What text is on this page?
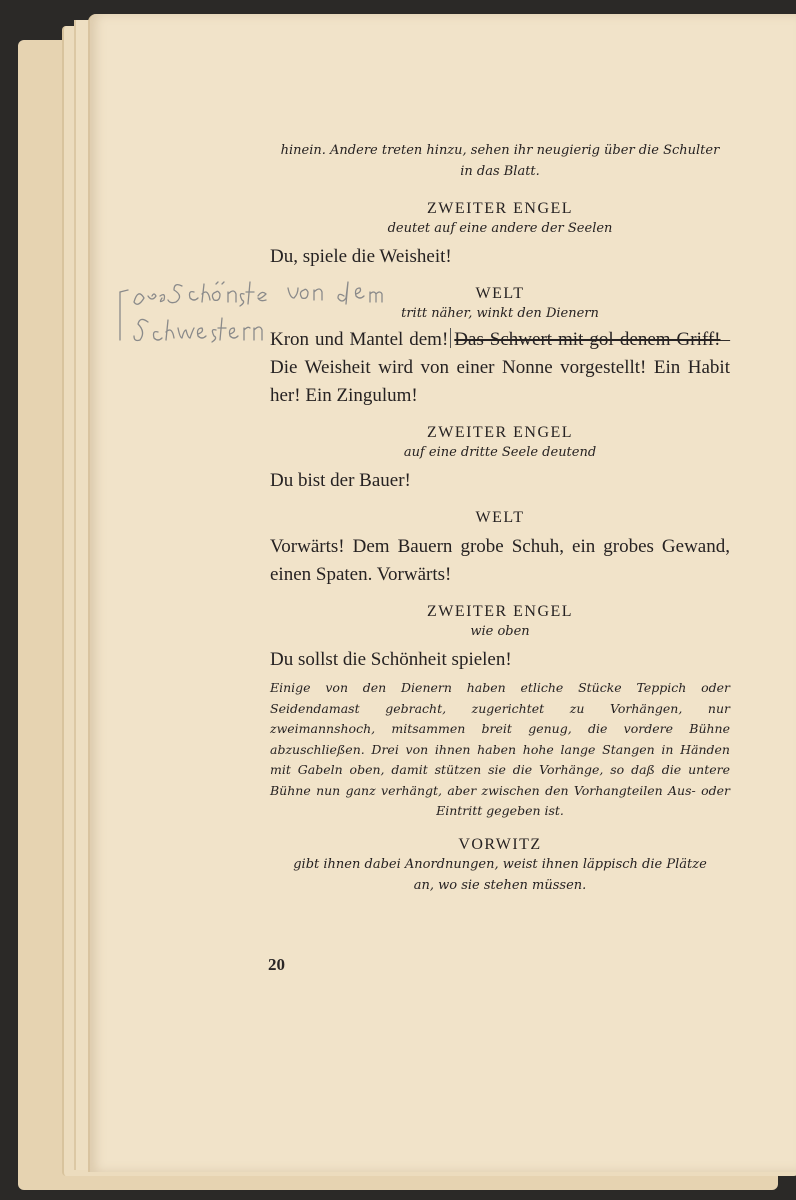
hinein. Andere treten hinzu, sehen ihr neugierig über die Schulter

in das Blatt.

ZWEITER ENGEL

deutet auf eine andere der Seelen

Du, spiele die Weisheit!

WELT

tritt näher, winkt den Dienern

Kron und Mantel dem! Das Schwert mit gol-denem Griff!– Die Weisheit wird von einer Nonne vorgestellt! Ein Habit her! Ein Zingulum!

ZWEITER ENGEL

auf eine dritte Seele deutend

Du bist der Bauer!

WELT

Vorwärts! Dem Bauern grobe Schuh, ein grobes Gewand, einen Spaten. Vorwärts!

ZWEITER ENGEL

wie oben

Du sollst die Schönheit spielen!

Einige von den Dienern haben etliche Stücke Teppich oder Seidendamast gebracht, zugerichtet zu Vorhängen, nur zweimannshoch, mitsammen breit genug, die vordere Bühne abzuschließen. Drei von ihnen haben hohe lange Stangen in Händen mit Gabeln oben, damit stützen sie die Vorhänge, so daß die untere Bühne nun ganz verhängt, aber zwischen den Vorhangteilen Aus- oder Eintritt gegeben ist.

VORWITZ

gibt ihnen dabei Anordnungen, weist ihnen läppisch die Plätze an, wo sie stehen müssen.

20
